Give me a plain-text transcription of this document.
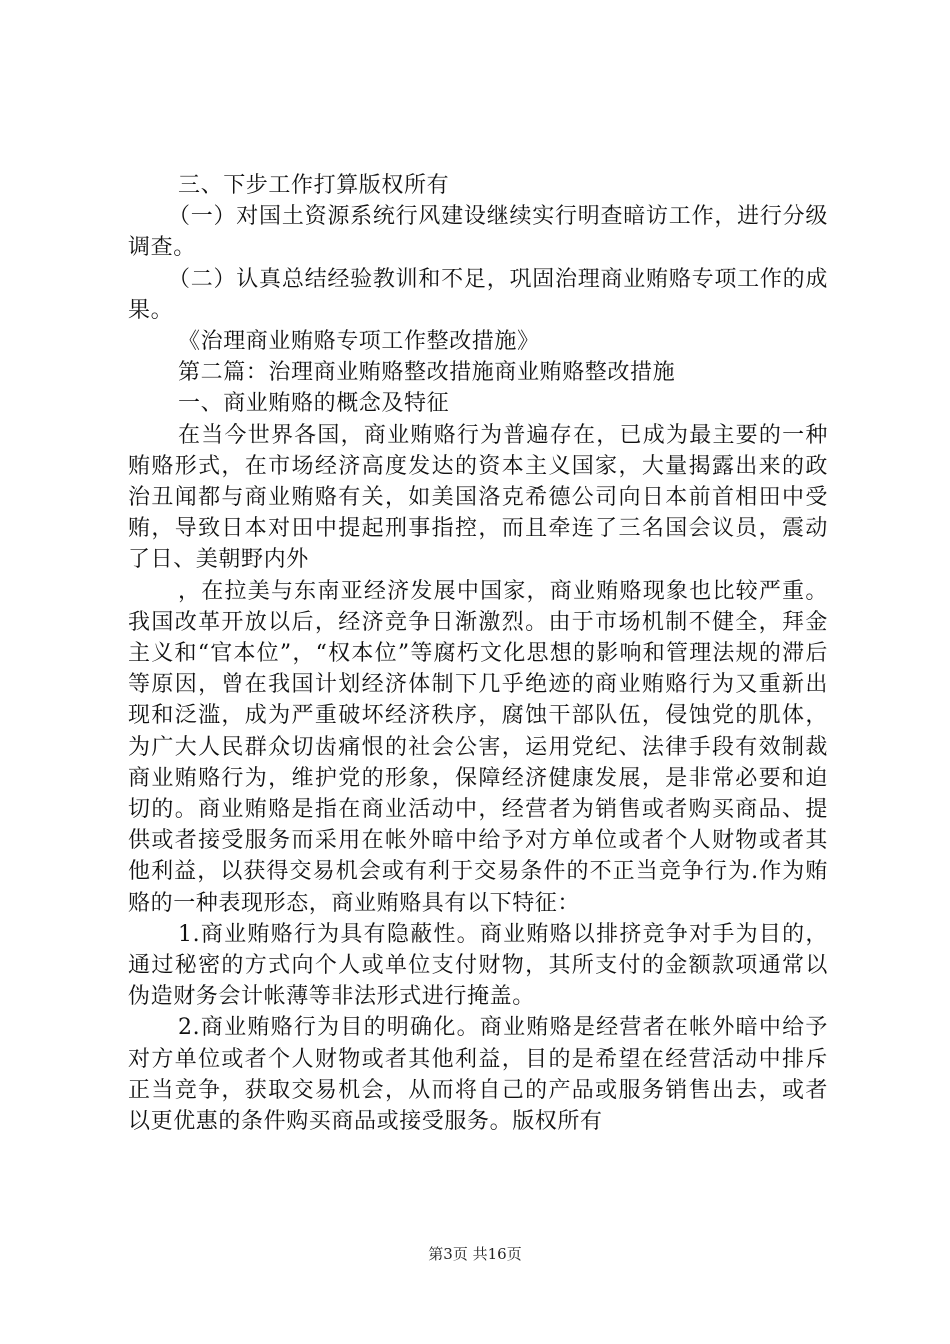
三、下步工作打算版权所有

（一）对国土资源系统行风建设继续实行明查暗访工作，进行分级调查。

（二）认真总结经验教训和不足，巩固治理商业贿赂专项工作的成果。

《治理商业贿赂专项工作整改措施》

第二篇：治理商业贿赂整改措施商业贿赂整改措施

一、商业贿赂的概念及特征

在当今世界各国，商业贿赂行为普遍存在，已成为最主要的一种贿赂形式，在市场经济高度发达的资本主义国家，大量揭露出来的政治丑闻都与商业贿赂有关，如美国洛克希德公司向日本前首相田中受贿，导致日本对田中提起刑事指控，而且牵连了三名国会议员，震动了日、美朝野内外

，在拉美与东南亚经济发展中国家，商业贿赂现象也比较严重。我国改革开放以后，经济竞争日渐激烈。由于市场机制不健全，拜金主义和“官本位”，“权本位”等腐朽文化思想的影响和管理法规的滞后等原因，曾在我国计划经济体制下几乎绝迹的商业贿赂行为又重新出现和泛滥，成为严重破坏经济秩序，腐蚀干部队伍，侵蚀党的肌体，为广大人民群众切齿痛恨的社会公害，运用党纪、法律手段有效制裁商业贿赂行为，维护党的形象，保障经济健康发展，是非常必要和迫切的。商业贿赂是指在商业活动中，经营者为销售或者购买商品、提供或者接受服务而采用在帐外暗中给予对方单位或者个人财物或者其他利益，以获得交易机会或有利于交易条件的不正当竞争行为.作为贿赂的一种表现形态，商业贿赂具有以下特征：

1.商业贿赂行为具有隐蔽性。商业贿赂以排挤竞争对手为目的，通过秘密的方式向个人或单位支付财物，其所支付的金额款项通常以伪造财务会计帐薄等非法形式进行掩盖。

2.商业贿赂行为目的明确化。商业贿赂是经营者在帐外暗中给予对方单位或者个人财物或者其他利益，目的是希望在经营活动中排斥正当竞争，获取交易机会，从而将自己的产品或服务销售出去，或者以更优惠的条件购买商品或接受服务。版权所有

第3页 共16页
